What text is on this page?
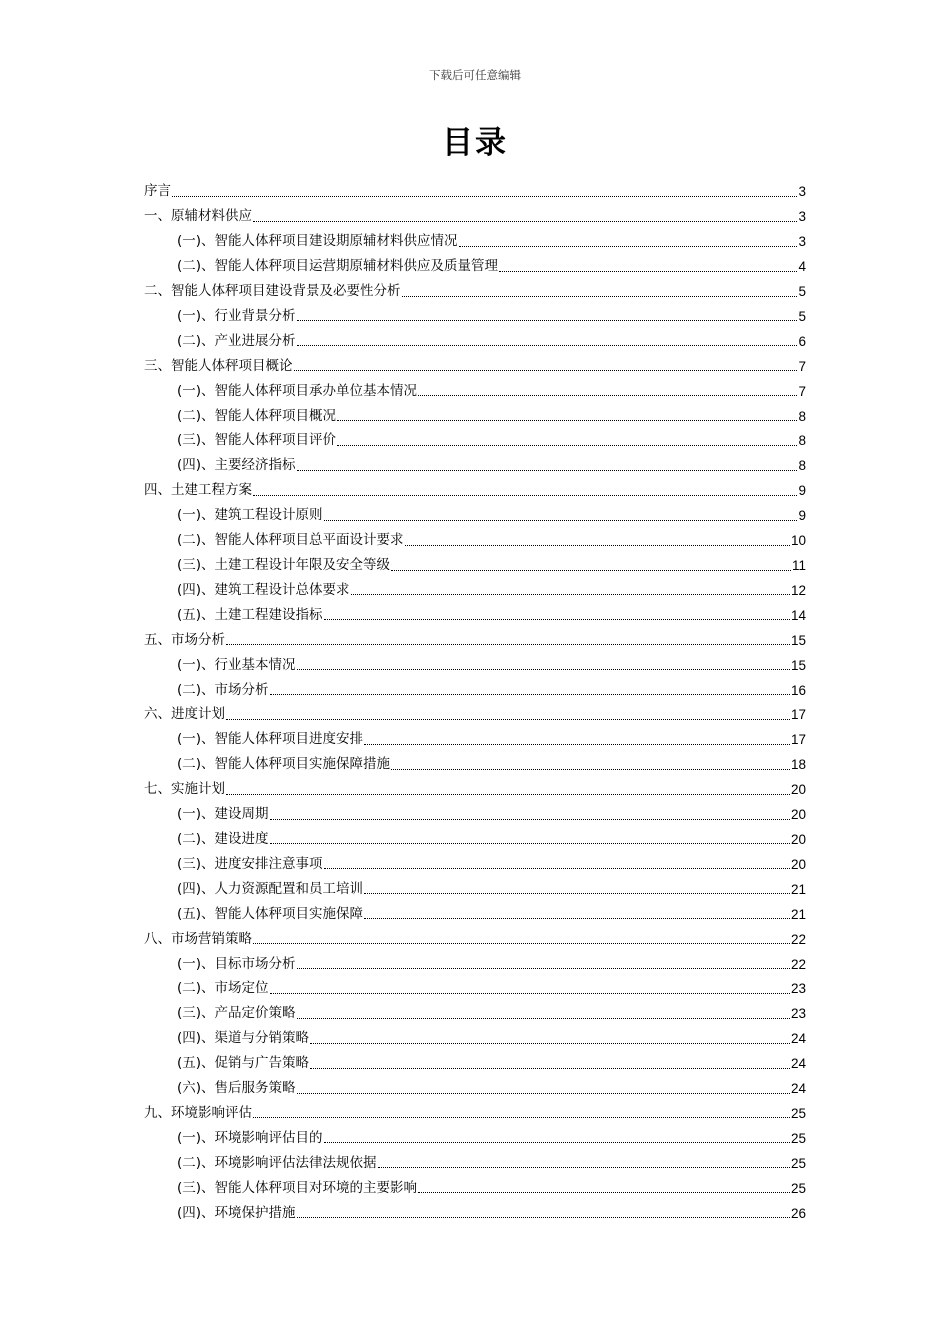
下载后可任意编辑
目录
序言	3
一、原辅材料供应	3
(一)、智能人体秤项目建设期原辅材料供应情况	3
(二)、智能人体秤项目运营期原辅材料供应及质量管理	4
二、智能人体秤项目建设背景及必要性分析	5
(一)、行业背景分析	5
(二)、产业进展分析	6
三、智能人体秤项目概论	7
(一)、智能人体秤项目承办单位基本情况	7
(二)、智能人体秤项目概况	8
(三)、智能人体秤项目评价	8
(四)、主要经济指标	8
四、土建工程方案	9
(一)、建筑工程设计原则	9
(二)、智能人体秤项目总平面设计要求	10
(三)、土建工程设计年限及安全等级	11
(四)、建筑工程设计总体要求	12
(五)、土建工程建设指标	14
五、市场分析	15
(一)、行业基本情况	15
(二)、市场分析	16
六、进度计划	17
(一)、智能人体秤项目进度安排	17
(二)、智能人体秤项目实施保障措施	18
七、实施计划	20
(一)、建设周期	20
(二)、建设进度	20
(三)、进度安排注意事项	20
(四)、人力资源配置和员工培训	21
(五)、智能人体秤项目实施保障	21
八、市场营销策略	22
(一)、目标市场分析	22
(二)、市场定位	23
(三)、产品定价策略	23
(四)、渠道与分销策略	24
(五)、促销与广告策略	24
(六)、售后服务策略	24
九、环境影响评估	25
(一)、环境影响评估目的	25
(二)、环境影响评估法律法规依据	25
(三)、智能人体秤项目对环境的主要影响	25
(四)、环境保护措施	26
